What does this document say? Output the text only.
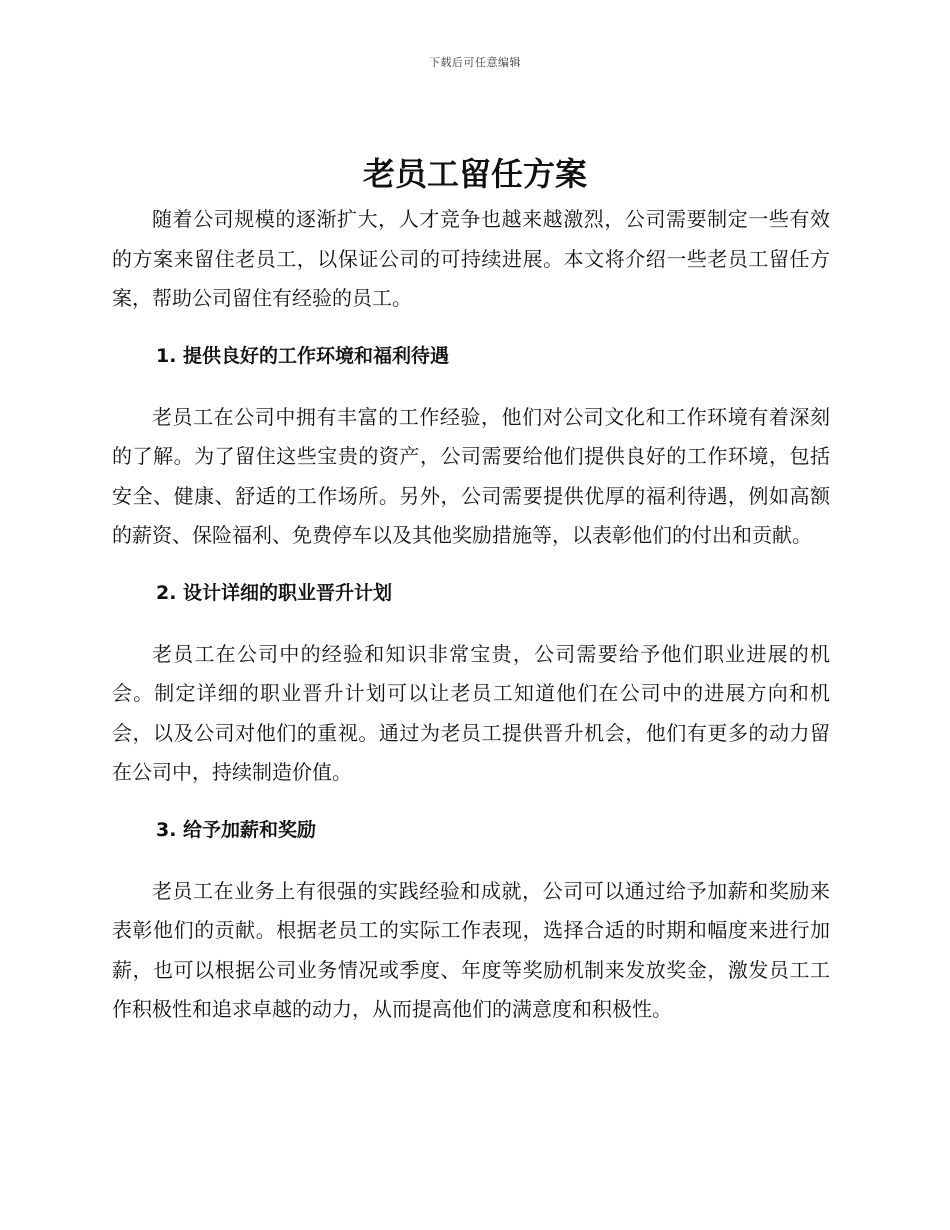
下载后可任意编辑
老员工留任方案

随着公司规模的逐渐扩大，人才竞争也越来越激烈，公司需要制定一些有效的方案来留住老员工，以保证公司的可持续进展。本文将介绍一些老员工留任方案，帮助公司留住有经验的员工。

1. 提供良好的工作环境和福利待遇

老员工在公司中拥有丰富的工作经验，他们对公司文化和工作环境有着深刻的了解。为了留住这些宝贵的资产，公司需要给他们提供良好的工作环境，包括安全、健康、舒适的工作场所。另外，公司需要提供优厚的福利待遇，例如高额的薪资、保险福利、免费停车以及其他奖励措施等，以表彰他们的付出和贡献。

2. 设计详细的职业晋升计划

老员工在公司中的经验和知识非常宝贵，公司需要给予他们职业进展的机会。制定详细的职业晋升计划可以让老员工知道他们在公司中的进展方向和机会，以及公司对他们的重视。通过为老员工提供晋升机会，他们有更多的动力留在公司中，持续制造价值。

3. 给予加薪和奖励

老员工在业务上有很强的实践经验和成就，公司可以通过给予加薪和奖励来表彰他们的贡献。根据老员工的实际工作表现，选择合适的时期和幅度来进行加薪，也可以根据公司业务情况或季度、年度等奖励机制来发放奖金，激发员工工作积极性和追求卓越的动力，从而提高他们的满意度和积极性。
